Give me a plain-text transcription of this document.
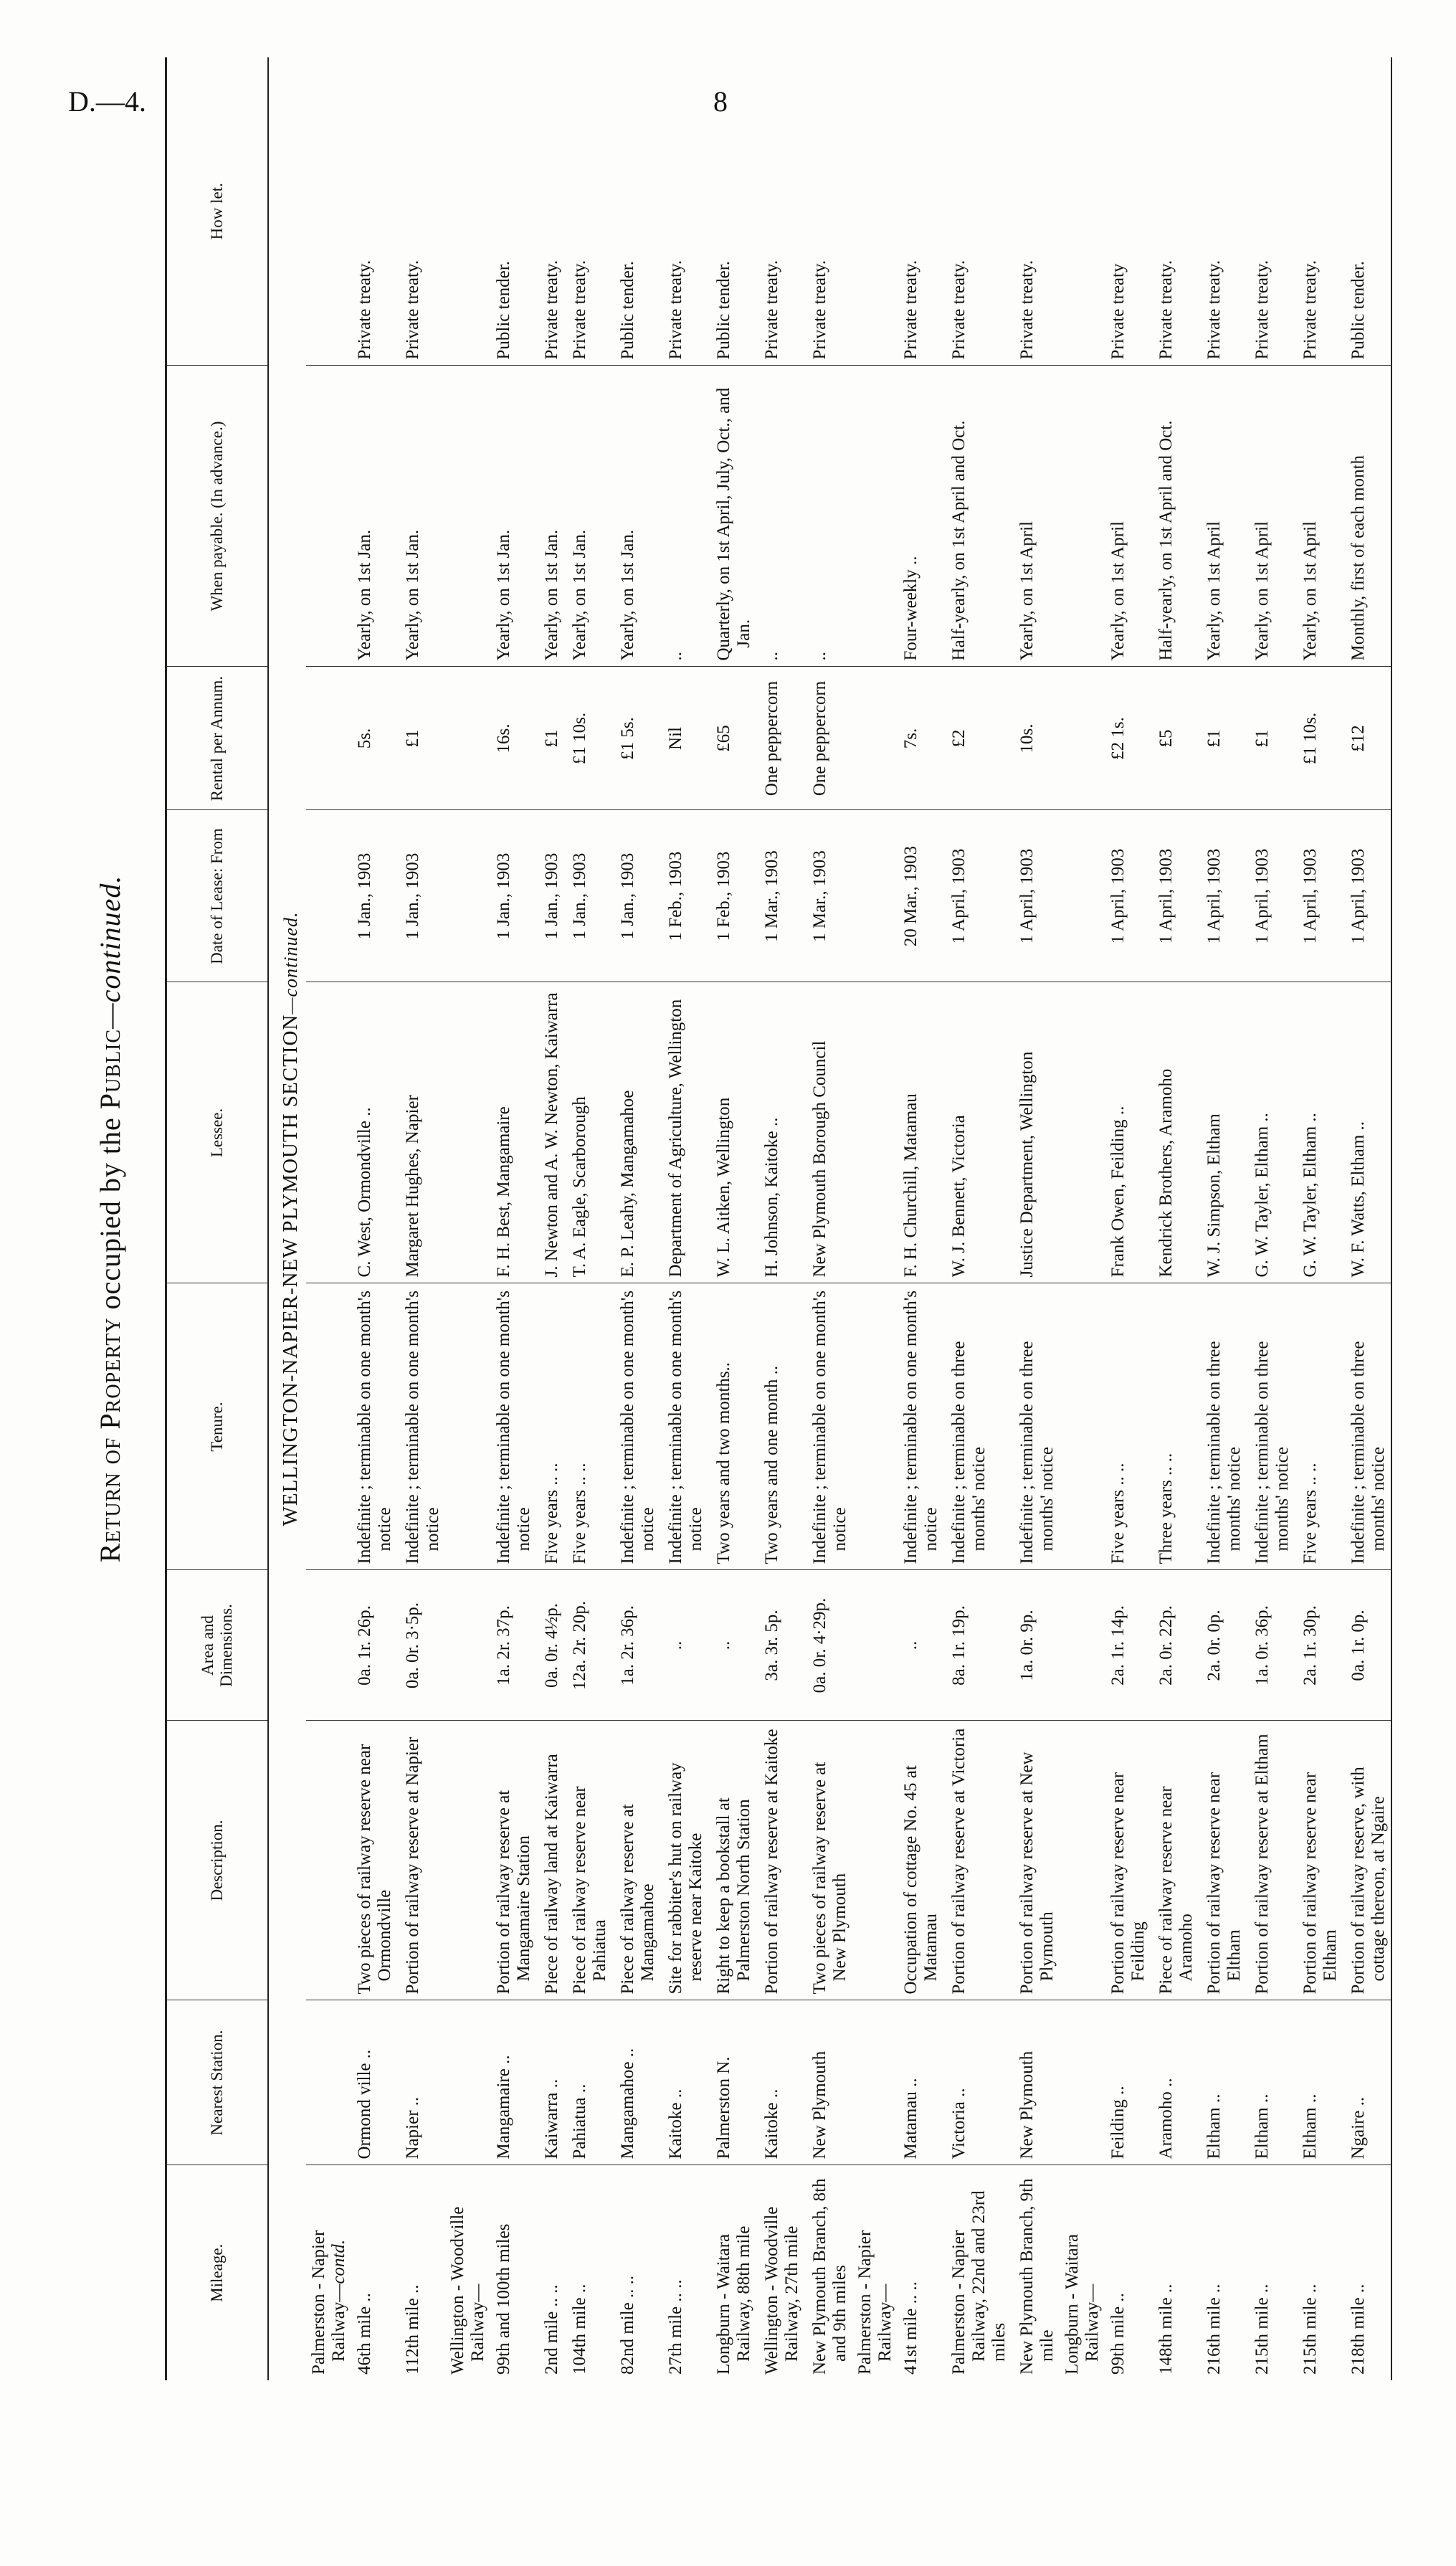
D.—4.	8
Return of Property occupied by the Public—continued.
Mileage.	Nearest Station.	Description.	Area and Dimensions.	Tenure.	Lessee.	Date of Lease: From	Rental per Annum.	When payable. (In advance.)	How let.
WELLINGTON-NAPIER-NEW PLYMOUTH SECTION—continued.									
Palmerston - Napier Railway—contd.									
46th mile ..	Ormond ville ..	Two pieces of railway reserve near Ormondville	0a. 1r. 26p.	Indefinite ; terminable on one month's notice	C. West, Ormondville ..	1 Jan., 1903	5s.	Yearly, on 1st Jan.	Private treaty.
112th mile ..	Napier ..	Portion of railway reserve at Napier	0a. 0r. 3·5p.	Indefinite ; terminable on one month's notice	Margaret Hughes, Napier	1 Jan., 1903	£1	Yearly, on 1st Jan.	Private treaty.
Wellington - Woodville Railway—									
99th and 100th miles	Mangamaire ..	Portion of railway reserve at Mangamaire Station	1a. 2r. 37p.	Indefinite ; terminable on one month's notice	F. H. Best, Mangamaire	1 Jan., 1903	16s.	Yearly, on 1st Jan.	Public tender.
2nd mile .. ..	Kaiwarra ..	Piece of railway land at Kaiwarra	0a. 0r. 4½p.	Five years .. ..	J. Newton and A. W. Newton, Kaiwarra	1 Jan., 1903	£1	Yearly, on 1st Jan.	Private treaty.
104th mile ..	Pahiatua ..	Piece of railway reserve near Pahiatua	12a. 2r. 20p.	Five years .. ..	T. A. Eagle, Scarborough	1 Jan., 1903	£1 10s.	Yearly, on 1st Jan.	Private treaty.
82nd mile .. ..	Mangamahoe ..	Piece of railway reserve at Mangamahoe	1a. 2r. 36p.	Indefinite ; terminable on one month's notice	E. P. Leahy, Mangamahoe	1 Jan., 1903	£1 5s.	Yearly, on 1st Jan.	Public tender.
27th mile .. ..	Kaitoke ..	Site for rabbiter's hut on railway reserve near Kaitoke	..	Indefinite ; terminable on one month's notice	Department of Agriculture, Wellington	1 Feb., 1903	Nil	..	Private treaty.
Longburn - Waitara Railway, 88th mile	Palmerston N.	Right to keep a bookstall at Palmerston North Station	..	Two years and two months..	W. L. Aitken, Wellington	1 Feb., 1903	£65	Quarterly, on 1st April, July, Oct., and Jan.	Public tender.
Wellington - Woodville Railway, 27th mile	Kaitoke ..	Portion of railway reserve at Kaitoke	3a. 3r. 5p.	Two years and one month ..	H. Johnson, Kaitoke ..	1 Mar., 1903	One peppercorn	..	Private treaty.
New Plymouth Branch, 8th and 9th miles	New Plymouth	Two pieces of railway reserve at New Plymouth	0a. 0r. 4·29p.	Indefinite ; terminable on one month's notice	New Plymouth Borough Council	1 Mar., 1903	One peppercorn	..	Private treaty.
Palmerston - Napier Railway—									
41st mile .. ..	Matamau ..	Occupation of cottage No. 45 at Matamau	..	Indefinite ; terminable on one month's notice	F. H. Churchill, Matamau	20 Mar., 1903	7s.	Four-weekly ..	Private treaty.
Palmerston - Napier Railway, 22nd and 23rd miles	Victoria ..	Portion of railway reserve at Victoria	8a. 1r. 19p.	Indefinite ; terminable on three months' notice	W. J. Bennett, Victoria	1 April, 1903	£2	Half-yearly, on 1st April and Oct.	Private treaty.
New Plymouth Branch, 9th mile	New Plymouth	Portion of railway reserve at New Plymouth	1a. 0r. 9p.	Indefinite ; terminable on three months' notice	Justice Department, Wellington	1 April, 1903	10s.	Yearly, on 1st April	Private treaty.
Longburn - Waitara Railway—									
99th mile ..	Feilding ..	Portion of railway reserve near Feilding	2a. 1r. 14p.	Five years .. ..	Frank Owen, Feilding ..	1 April, 1903	£2 1s.	Yearly, on 1st April	Private treaty
148th mile ..	Aramoho ..	Piece of railway reserve near Aramoho	2a. 0r. 22p.	Three years .. ..	Kendrick Brothers, Aramoho	1 April, 1903	£5	Half-yearly, on 1st April and Oct.	Private treaty.
216th mile ..	Eltham ..	Portion of railway reserve near Eltham	2a. 0r. 0p.	Indefinite ; terminable on three months' notice	W. J. Simpson, Eltham	1 April, 1903	£1	Yearly, on 1st April	Private treaty.
215th mile ..	Eltham ..	Portion of railway reserve at Eltham	1a. 0r. 36p.	Indefinite ; terminable on three months' notice	G. W. Tayler, Eltham ..	1 April, 1903	£1	Yearly, on 1st April	Private treaty.
215th mile ..	Eltham ..	Portion of railway reserve near Eltham	2a. 1r. 30p.	Five years .. ..	G. W. Tayler, Eltham ..	1 April, 1903	£1 10s.	Yearly, on 1st April	Private treaty.
218th mile ..	Ngaire ..	Portion of railway reserve, with cottage thereon, at Ngaire	0a. 1r. 0p.	Indefinite ; terminable on three months' notice	W. F. Watts, Eltham ..	1 April, 1903	£12	Monthly, first of each month	Public tender.
